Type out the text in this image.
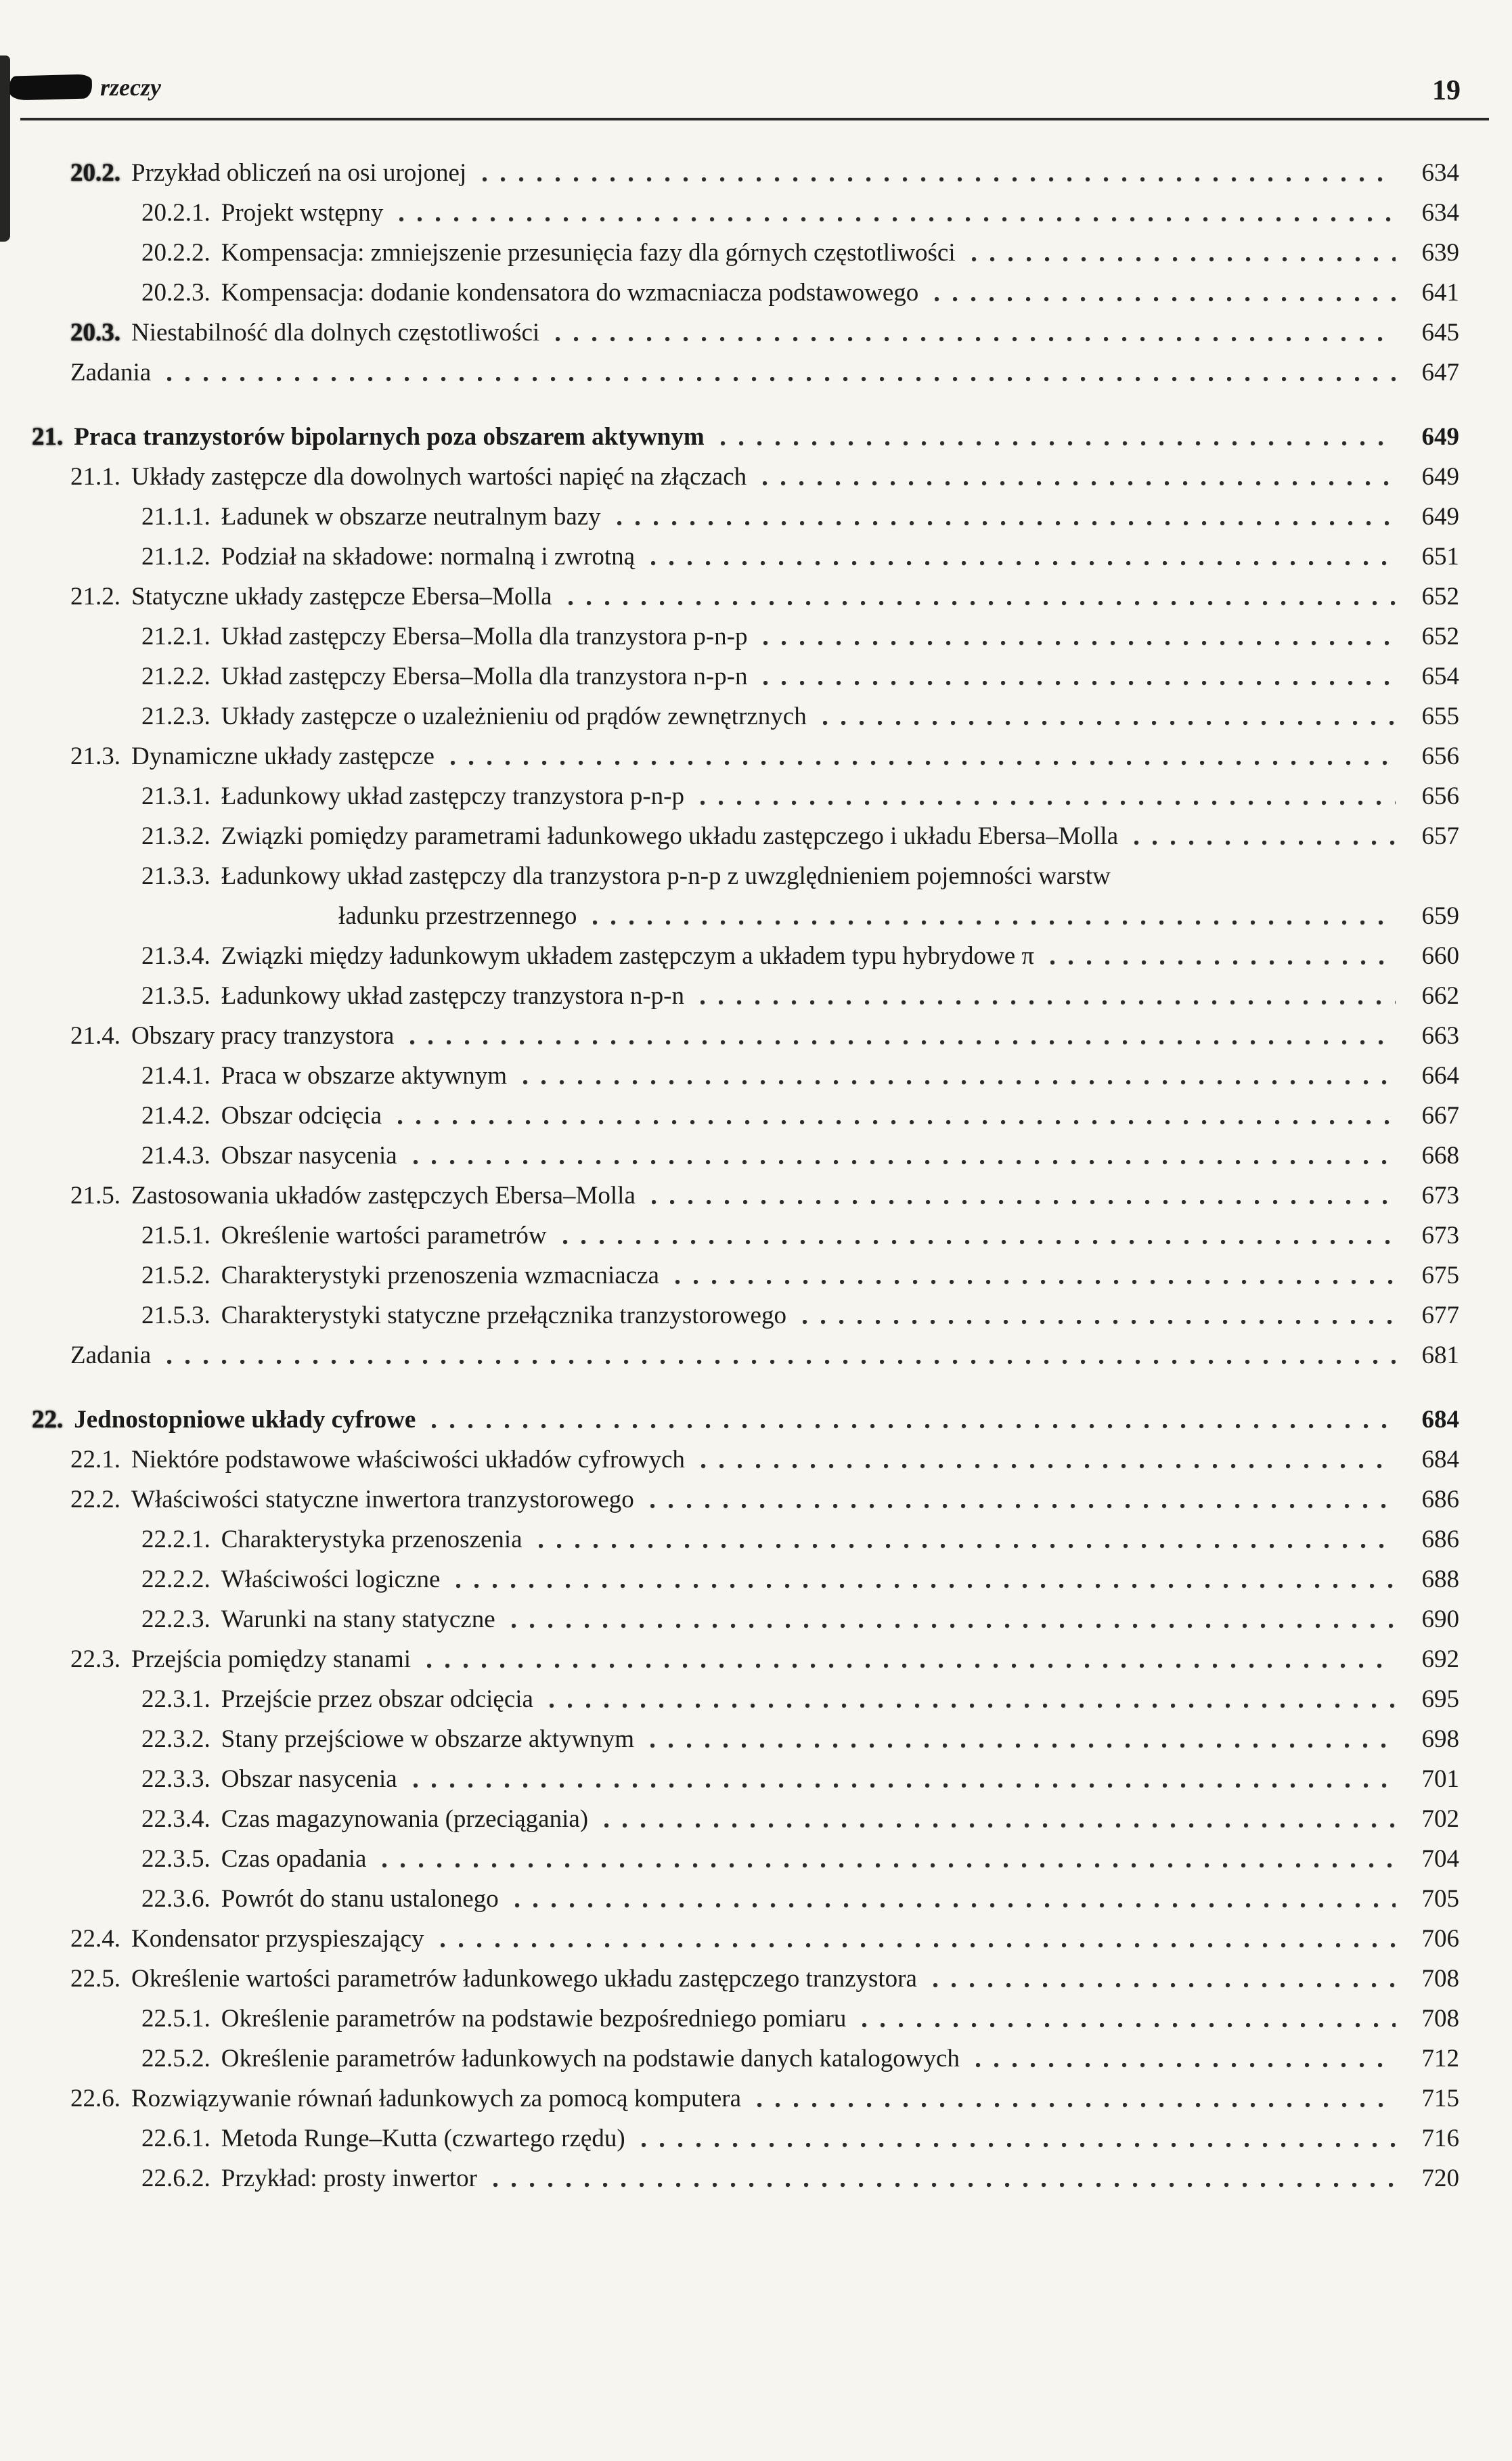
rzeczy	19
20.2. Przykład obliczeń na osi urojonej	634
20.2.1. Projekt wstępny	634
20.2.2. Kompensacja: zmniejszenie przesunięcia fazy dla górnych częstotliwości	639
20.2.3. Kompensacja: dodanie kondensatora do wzmacniacza podstawowego	641
20.3. Niestabilność dla dolnych częstotliwości	645
Zadania	647
21. Praca tranzystorów bipolarnych poza obszarem aktywnym	649
21.1. Układy zastępcze dla dowolnych wartości napięć na złączach	649
21.1.1. Ładunek w obszarze neutralnym bazy	649
21.1.2. Podział na składowe: normalną i zwrotną	651
21.2. Statyczne układy zastępcze Ebersa–Molla	652
21.2.1. Układ zastępczy Ebersa–Molla dla tranzystora p-n-p	652
21.2.2. Układ zastępczy Ebersa–Molla dla tranzystora n-p-n	654
21.2.3. Układy zastępcze o uzależnieniu od prądów zewnętrznych	655
21.3. Dynamiczne układy zastępcze	656
21.3.1. Ładunkowy układ zastępczy tranzystora p-n-p	656
21.3.2. Związki pomiędzy parametrami ładunkowego układu zastępczego i układu Ebersa–Molla	657
21.3.3. Ładunkowy układ zastępczy dla tranzystora p-n-p z uwzględnieniem pojemności warstw
ładunku przestrzennego	659
21.3.4. Związki między ładunkowym układem zastępczym a układem typu hybrydowe π	660
21.3.5. Ładunkowy układ zastępczy tranzystora n-p-n	662
21.4. Obszary pracy tranzystora	663
21.4.1. Praca w obszarze aktywnym	664
21.4.2. Obszar odcięcia	667
21.4.3. Obszar nasycenia	668
21.5. Zastosowania układów zastępczych Ebersa–Molla	673
21.5.1. Określenie wartości parametrów	673
21.5.2. Charakterystyki przenoszenia wzmacniacza	675
21.5.3. Charakterystyki statyczne przełącznika tranzystorowego	677
Zadania	681
22. Jednostopniowe układy cyfrowe	684
22.1. Niektóre podstawowe właściwości układów cyfrowych	684
22.2. Właściwości statyczne inwertora tranzystorowego	686
22.2.1. Charakterystyka przenoszenia	686
22.2.2. Właściwości logiczne	688
22.2.3. Warunki na stany statyczne	690
22.3. Przejścia pomiędzy stanami	692
22.3.1. Przejście przez obszar odcięcia	695
22.3.2. Stany przejściowe w obszarze aktywnym	698
22.3.3. Obszar nasycenia	701
22.3.4. Czas magazynowania (przeciągania)	702
22.3.5. Czas opadania	704
22.3.6. Powrót do stanu ustalonego	705
22.4. Kondensator przyspieszający	706
22.5. Określenie wartości parametrów ładunkowego układu zastępczego tranzystora	708
22.5.1. Określenie parametrów na podstawie bezpośredniego pomiaru	708
22.5.2. Określenie parametrów ładunkowych na podstawie danych katalogowych	712
22.6. Rozwiązywanie równań ładunkowych za pomocą komputera	715
22.6.1. Metoda Runge–Kutta (czwartego rzędu)	716
22.6.2. Przykład: prosty inwertor	720
